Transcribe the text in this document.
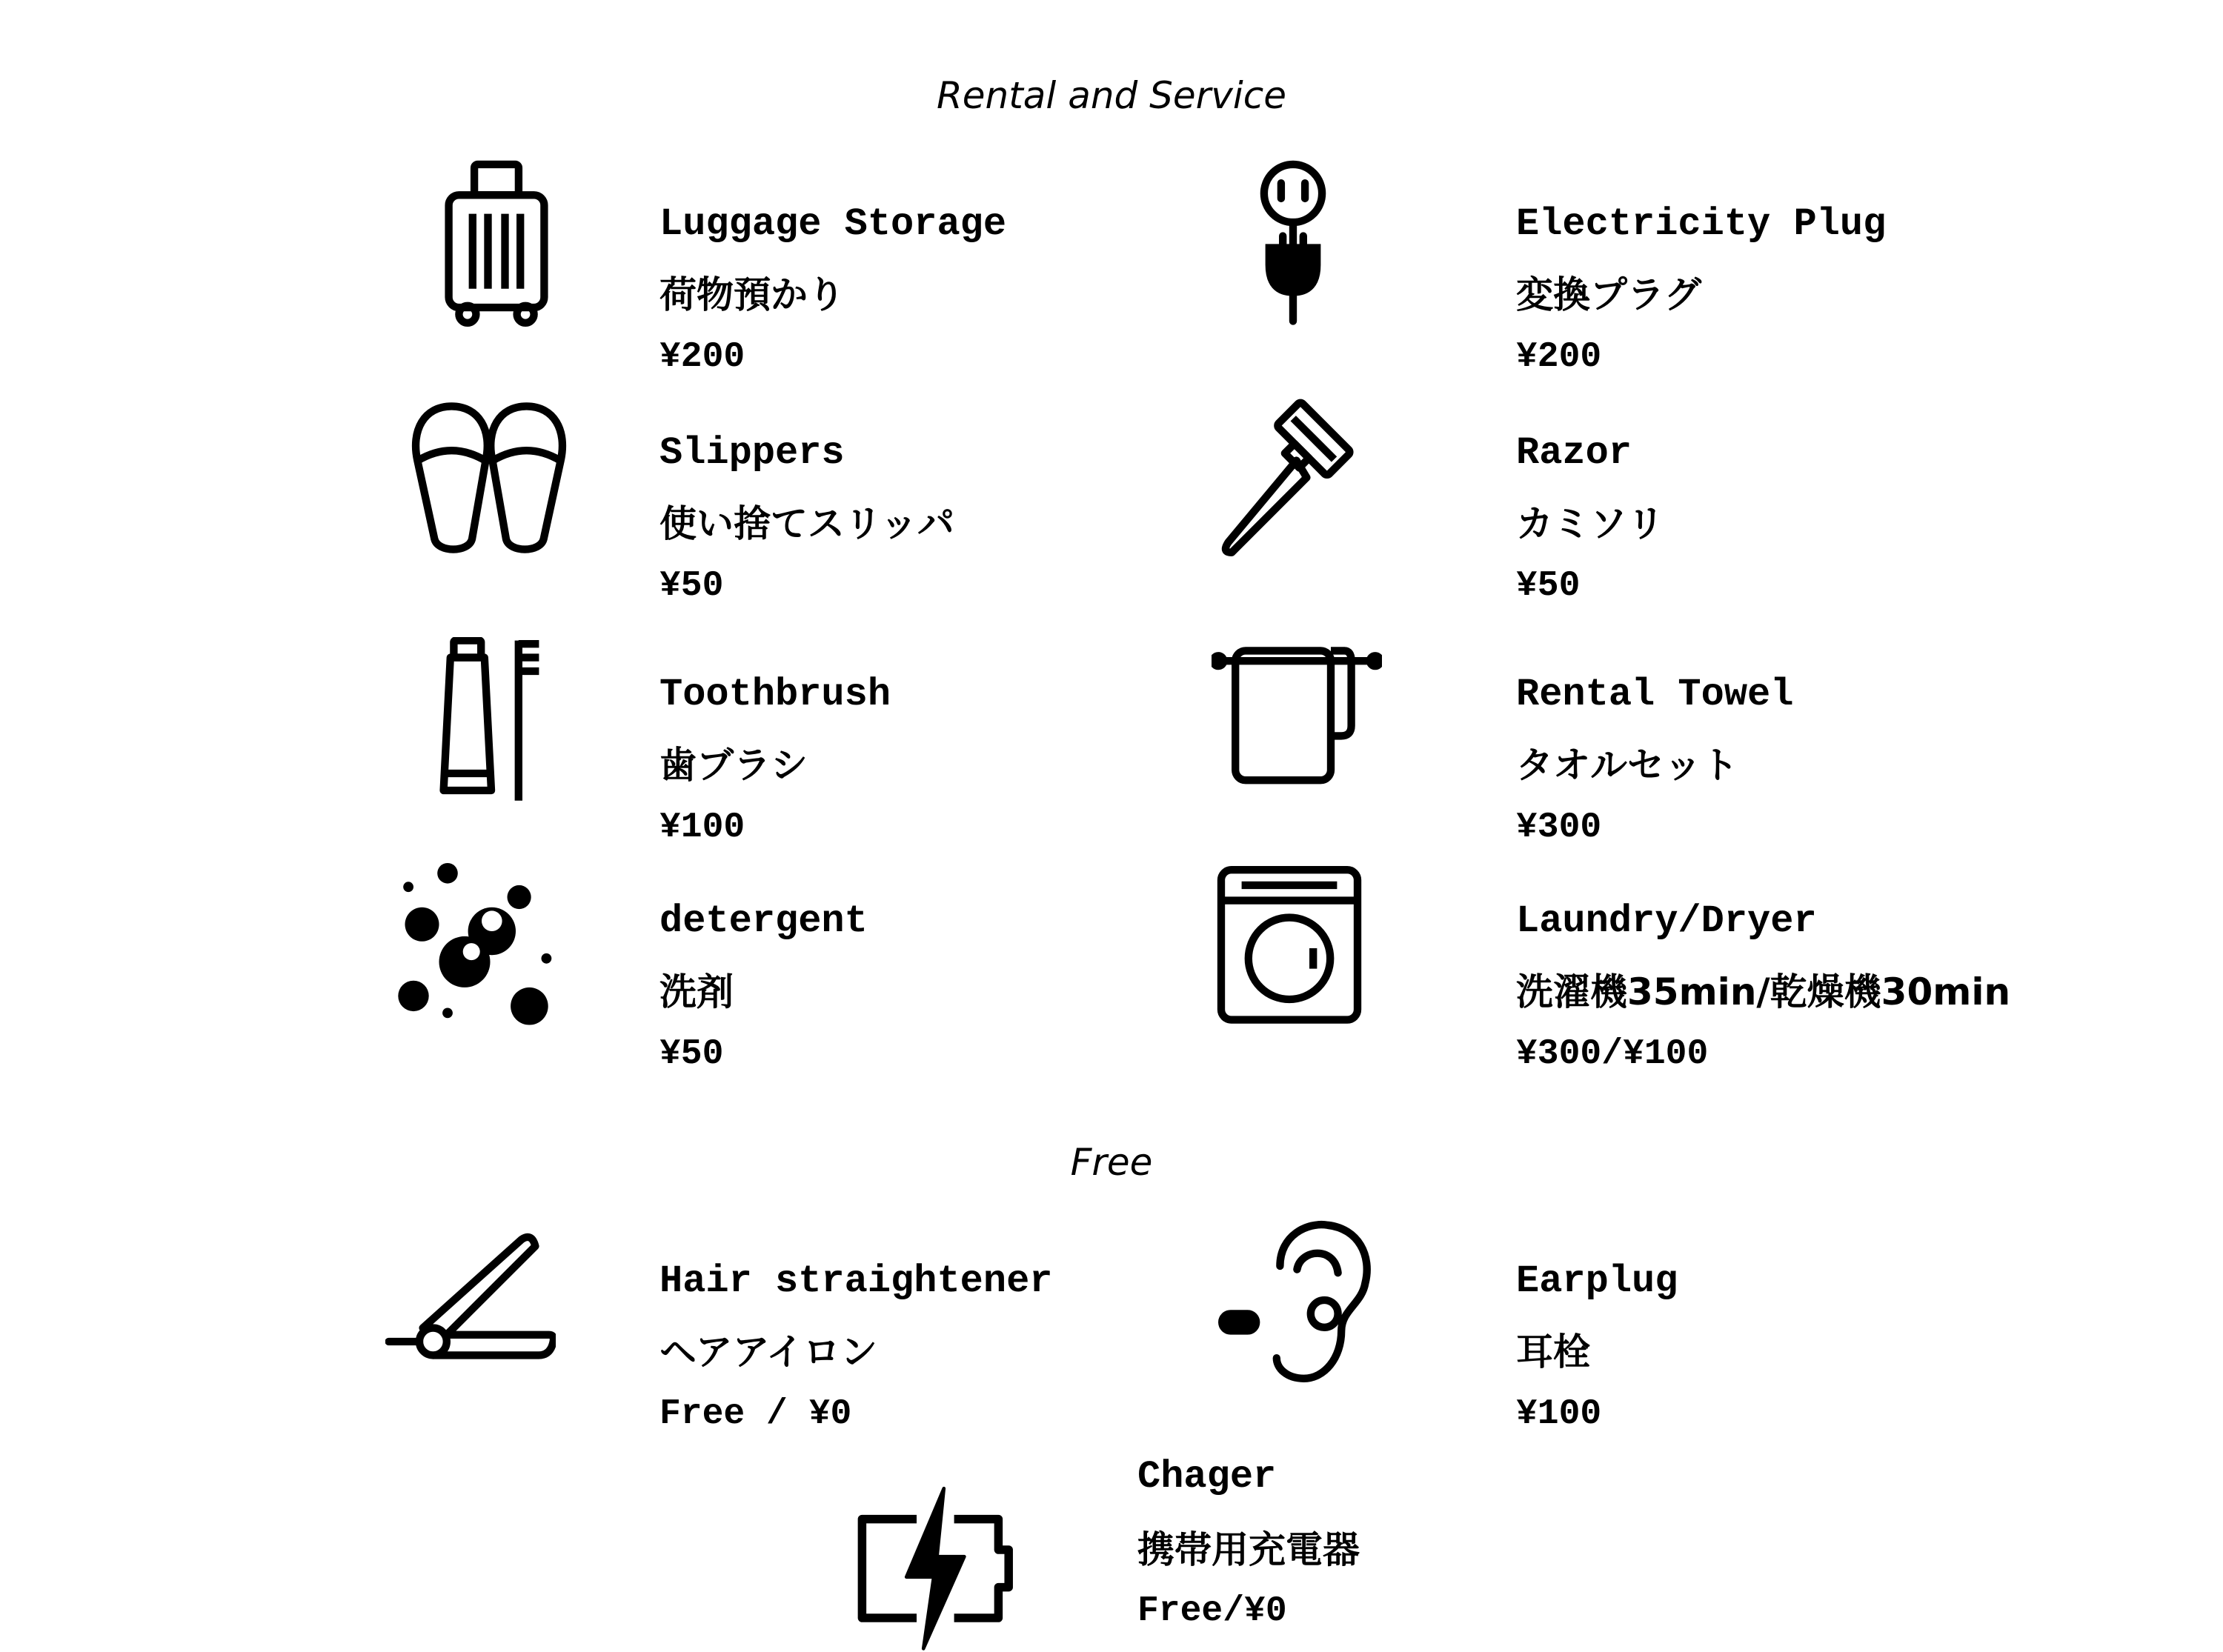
Rental and Service
Free
Luggage Storage
荷物預かり
¥200
Electricity Plug
変換プラグ
¥200
Slippers
使い捨てスリッパ
¥50
Razor
カミソリ
¥50
Toothbrush
歯ブラシ
¥100
Rental Towel
タオルセット
¥300
detergent
洗剤
¥50
Laundry/Dryer
洗濯機35min/乾燥機30min
¥300/¥100
Hair straightener
ヘアアイロン
Free / ¥0
Earplug
耳栓
¥100
Chager
携帯用充電器
Free/¥0
